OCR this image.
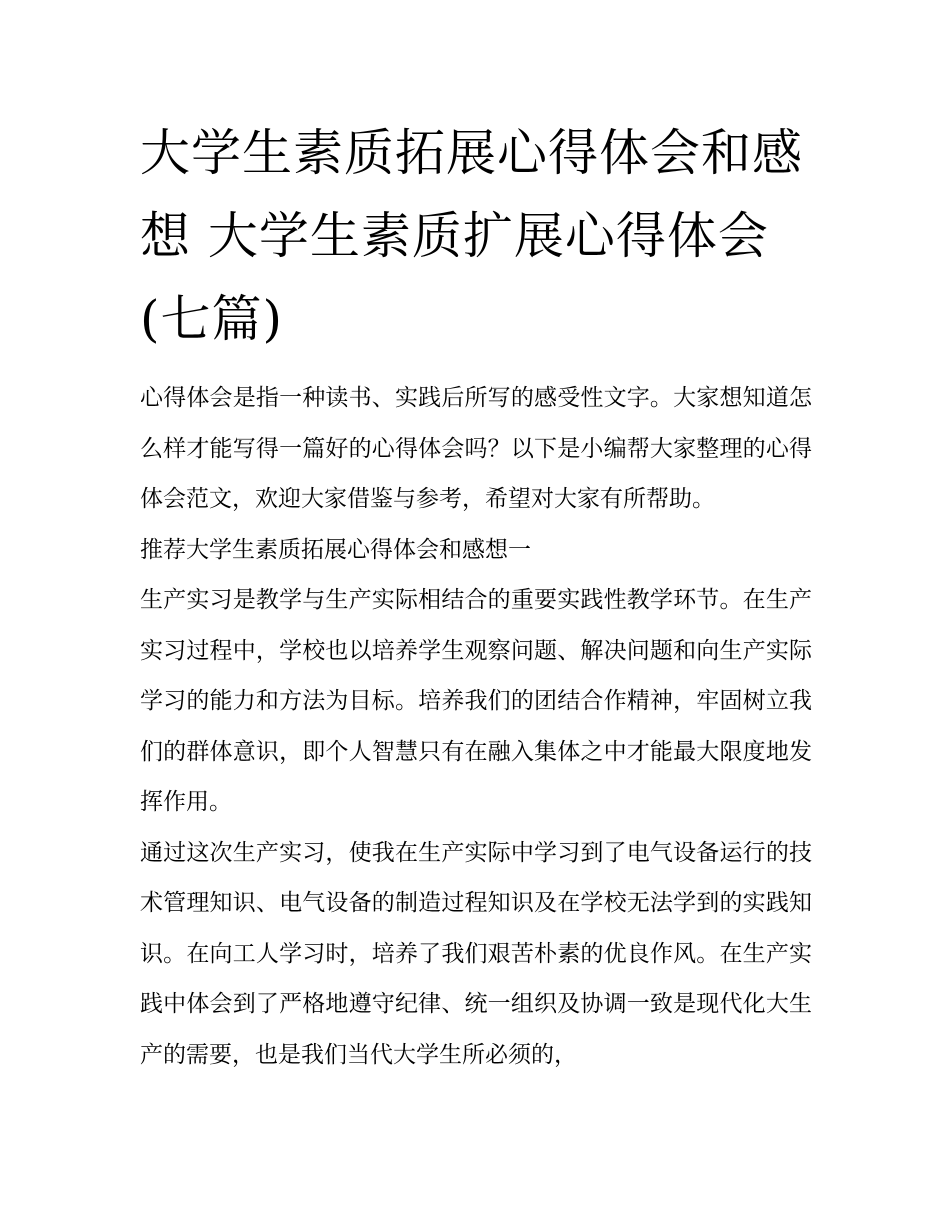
大学生素质拓展心得体会和感想 大学生素质扩展心得体会(七篇)

心得体会是指一种读书、实践后所写的感受性文字。大家想知道怎么样才能写得一篇好的心得体会吗？以下是小编帮大家整理的心得体会范文，欢迎大家借鉴与参考，希望对大家有所帮助。

推荐大学生素质拓展心得体会和感想一

生产实习是教学与生产实际相结合的重要实践性教学环节。在生产实习过程中，学校也以培养学生观察问题、解决问题和向生产实际学习的能力和方法为目标。培养我们的团结合作精神，牢固树立我们的群体意识，即个人智慧只有在融入集体之中才能最大限度地发挥作用。

通过这次生产实习，使我在生产实际中学习到了电气设备运行的技术管理知识、电气设备的制造过程知识及在学校无法学到的实践知识。在向工人学习时，培养了我们艰苦朴素的优良作风。在生产实践中体会到了严格地遵守纪律、统一组织及协调一致是现代化大生产的需要，也是我们当代大学生所必须的，
